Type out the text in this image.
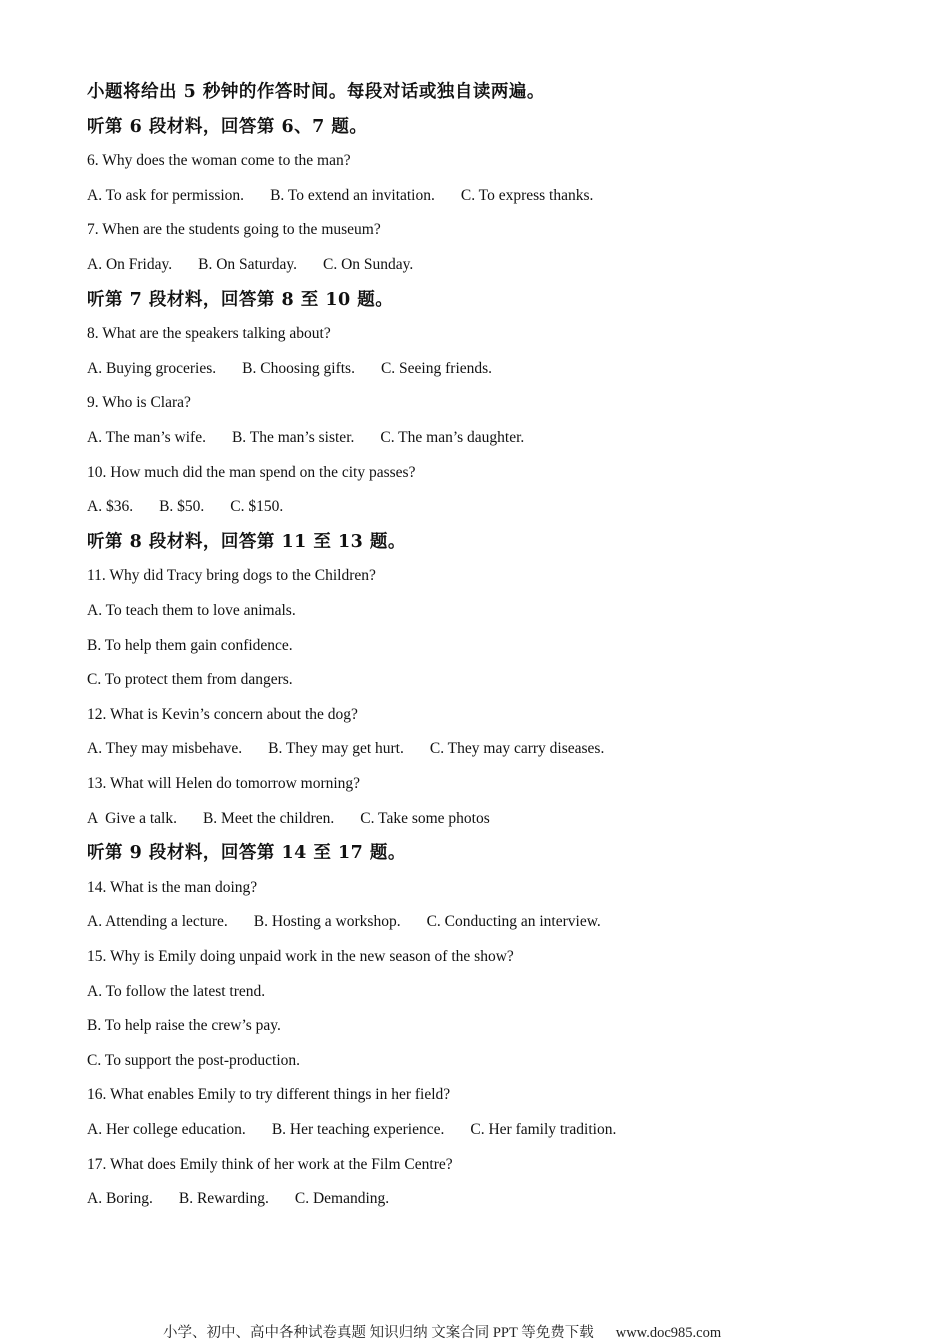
小题将给出 5 秒钟的作答时间。每段对话或独自读两遍。
听第 6 段材料，回答第 6、7 题。
6. Why does the woman come to the man?
A. To ask for permission. B. To extend an invitation. C. To express thanks.
7. When are the students going to the museum?
A. On Friday. B. On Saturday. C. On Sunday.
听第 7 段材料，回答第 8 至 10 题。
8. What are the speakers talking about?
A. Buying groceries. B. Choosing gifts. C. Seeing friends.
9. Who is Clara?
A. The man’s wife. B. The man’s sister. C. The man’s daughter.
10. How much did the man spend on the city passes?
A. $36. B. $50. C. $150.
听第 8 段材料，回答第 11 至 13 题。
11. Why did Tracy bring dogs to the Children?
A. To teach them to love animals.
B. To help them gain confidence.
C. To protect them from dangers.
12. What is Kevin’s concern about the dog?
A. They may misbehave. B. They may get hurt. C. They may carry diseases.
13. What will Helen do tomorrow morning?
A  Give a talk. B. Meet the children. C. Take some photos
听第 9 段材料，回答第 14 至 17 题。
14. What is the man doing?
A. Attending a lecture. B. Hosting a workshop. C. Conducting an interview.
15. Why is Emily doing unpaid work in the new season of the show?
A. To follow the latest trend.
B. To help raise the crew’s pay.
C. To support the post-production.
16. What enables Emily to try different things in her field?
A. Her college education. B. Her teaching experience. C. Her family tradition.
17. What does Emily think of her work at the Film Centre?
A. Boring. B. Rewarding. C. Demanding.
小学、初中、高中各种试卷真题 知识归纳 文案合同 PPT 等免费下载 www.doc985.com
